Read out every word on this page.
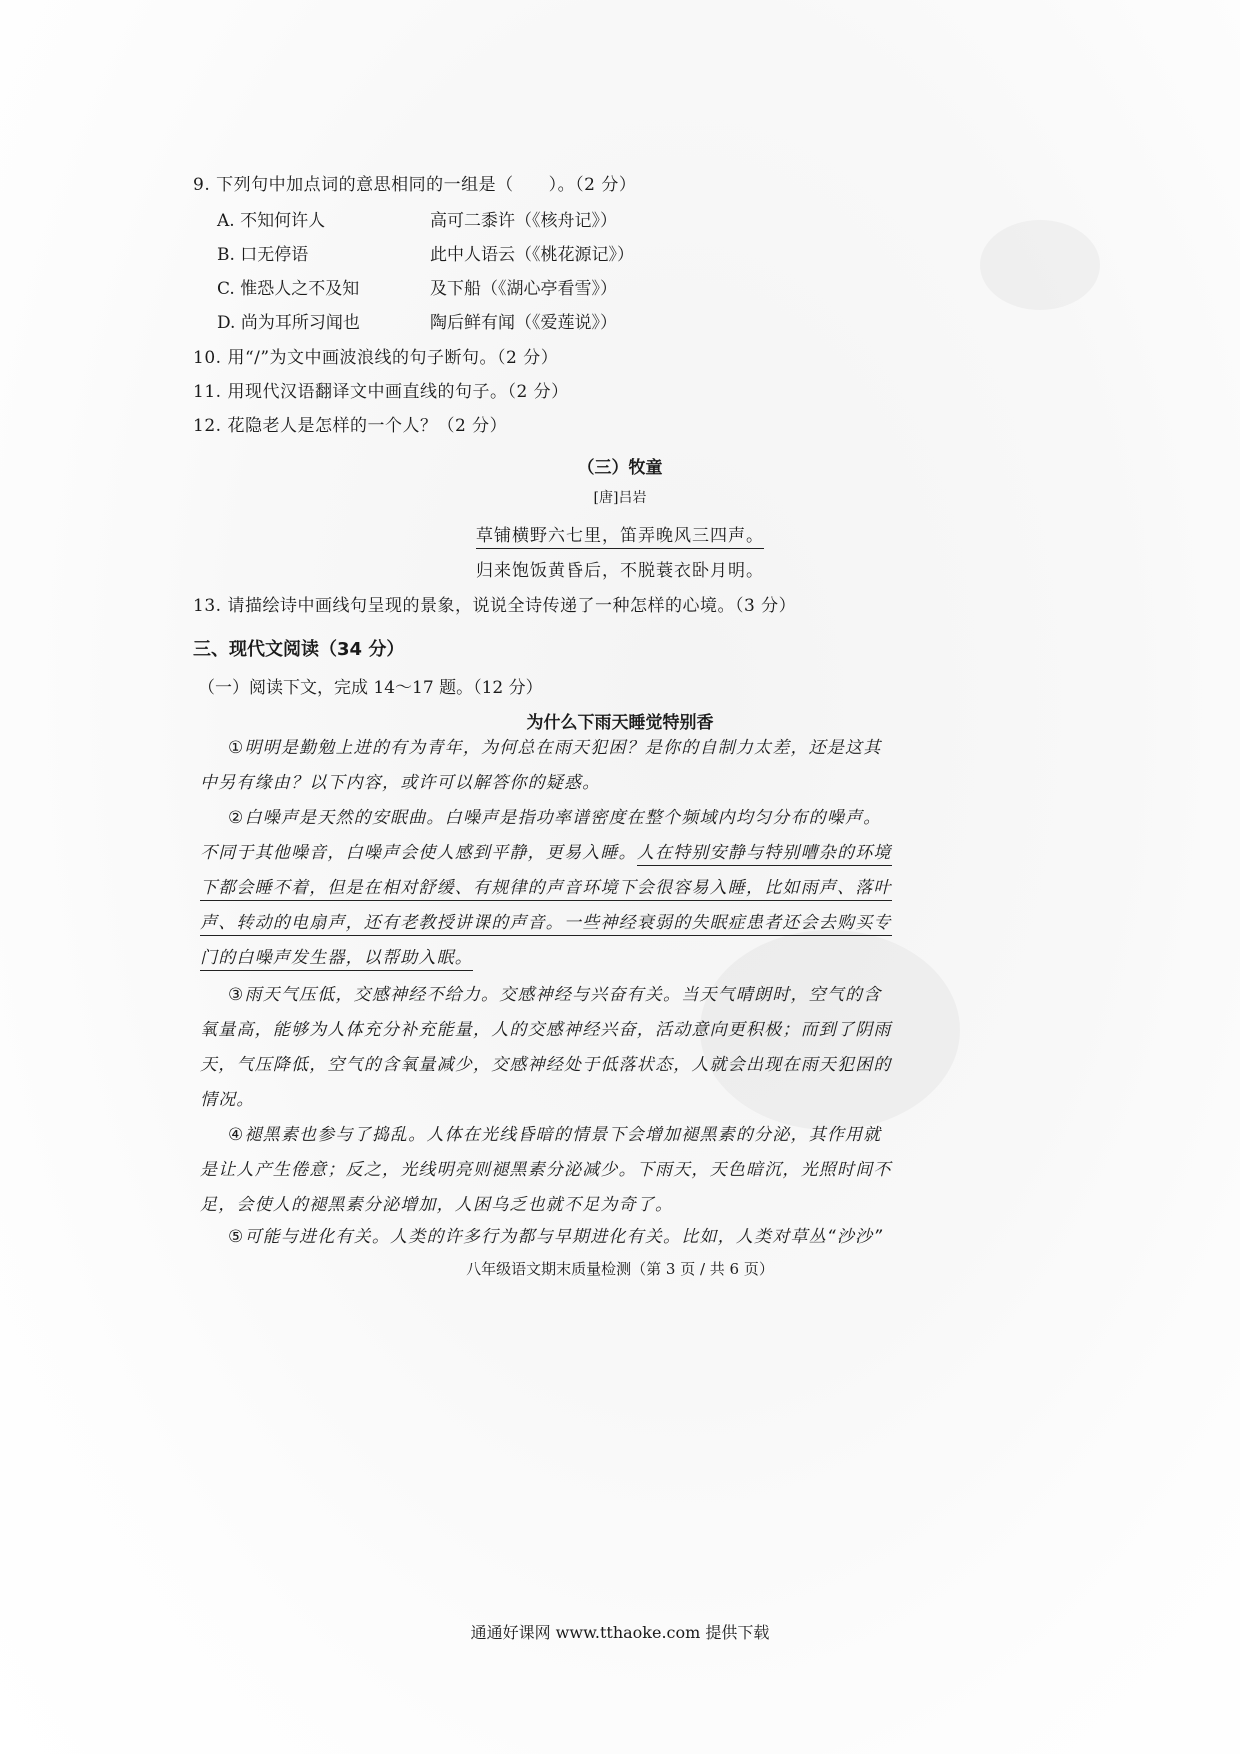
9. 下列句中加点词的意思相同的一组是（　　）。（2 分）
A. 不知何许人	高可二黍许（《核舟记》）
B. 口无停语	此中人语云（《桃花源记》）
C. 惟恐人之不及知	及下船（《湖心亭看雪》）
D. 尚为耳所习闻也	陶后鲜有闻（《爱莲说》）
10. 用“/”为文中画波浪线的句子断句。（2 分）
11. 用现代汉语翻译文中画直线的句子。（2 分）
12. 花隐老人是怎样的一个人？（2 分）
（三）牧童
[唐]吕岩
草铺横野六七里，笛弄晚风三四声。
归来饱饭黄昏后，不脱蓑衣卧月明。
13. 请描绘诗中画线句呈现的景象，说说全诗传递了一种怎样的心境。（3 分）
三、现代文阅读（34 分）
（一）阅读下文，完成 14～17 题。（12 分）
为什么下雨天睡觉特别香
①明明是勤勉上进的有为青年，为何总在雨天犯困？是你的自制力太差，还是这其
中另有缘由？以下内容，或许可以解答你的疑惑。
②白噪声是天然的安眠曲。白噪声是指功率谱密度在整个频域内均匀分布的噪声。
不同于其他噪音，白噪声会使人感到平静，更易入睡。人在特别安静与特别嘈杂的环境
下都会睡不着，但是在相对舒缓、有规律的声音环境下会很容易入睡，比如雨声、落叶
声、转动的电扇声，还有老教授讲课的声音。一些神经衰弱的失眠症患者还会去购买专
门的白噪声发生器，以帮助入眠。
③雨天气压低，交感神经不给力。交感神经与兴奋有关。当天气晴朗时，空气的含
氧量高，能够为人体充分补充能量，人的交感神经兴奋，活动意向更积极；而到了阴雨
天，气压降低，空气的含氧量减少，交感神经处于低落状态，人就会出现在雨天犯困的
情况。
④褪黑素也参与了捣乱。人体在光线昏暗的情景下会增加褪黑素的分泌，其作用就
是让人产生倦意；反之，光线明亮则褪黑素分泌减少。下雨天，天色暗沉，光照时间不
足，会使人的褪黑素分泌增加，人困乌乏也就不足为奇了。
八年级语文期末质量检测（第 3 页 / 共 6 页）
通通好课网 www.tthaoke.com 提供下载
⑤可能与进化有关。人类的许多行为都与早期进化有关。比如，人类对草丛“沙沙”
